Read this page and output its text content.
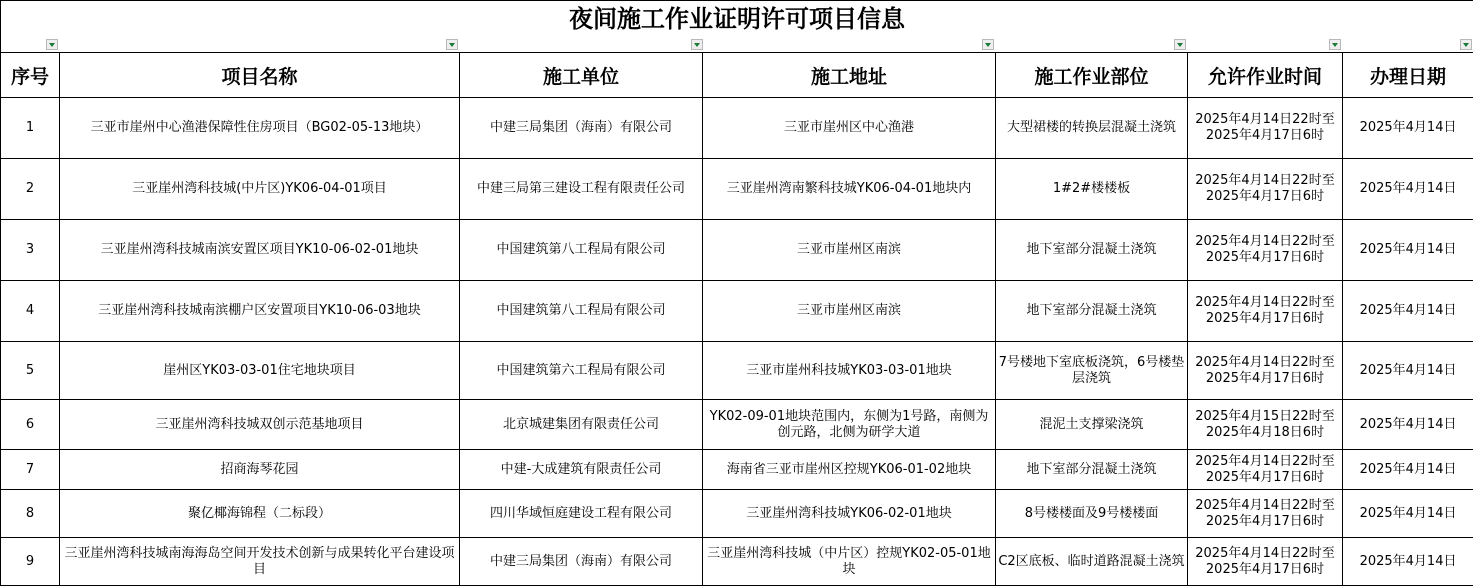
夜间施工作业证明许可项目信息						

序号	项目名称	施工单位	施工地址	施工作业部位	允许作业时间	办理日期
1	三亚市崖州中心渔港保障性住房项目（BG02-05-13地块）	中建三局集团（海南）有限公司	三亚市崖州区中心渔港	大型裙楼的转换层混凝土浇筑	2025年4月14日22时至2025年4月17日6时	2025年4月14日
2	三亚崖州湾科技城(中片区)YK06-04-01项目	中建三局第三建设工程有限责任公司	三亚崖州湾南繁科技城YK06-04-01地块内	1#2#楼楼板	2025年4月14日22时至2025年4月17日6时	2025年4月14日
3	三亚崖州湾科技城南滨安置区项目YK10-06-02-01地块	中国建筑第八工程局有限公司	三亚市崖州区南滨	地下室部分混凝土浇筑	2025年4月14日22时至2025年4月17日6时	2025年4月14日
4	三亚崖州湾科技城南滨棚户区安置项目YK10-06-03地块	中国建筑第八工程局有限公司	三亚市崖州区南滨	地下室部分混凝土浇筑	2025年4月14日22时至2025年4月17日6时	2025年4月14日
5	崖州区YK03-03-01住宅地块项目	中国建筑第六工程局有限公司	三亚市崖州科技城YK03-03-01地块	7号楼地下室底板浇筑，6号楼垫层浇筑	2025年4月14日22时至2025年4月17日6时	2025年4月14日
6	三亚崖州湾科技城双创示范基地项目	北京城建集团有限责任公司	YK02-09-01地块范围内，东侧为1号路，南侧为创元路，北侧为研学大道	混泥土支撑梁浇筑	2025年4月15日22时至2025年4月18日6时	2025年4月14日
7	招商海琴花园	中建-大成建筑有限责任公司	海南省三亚市崖州区控规YK06-01-02地块	地下室部分混凝土浇筑	2025年4月14日22时至2025年4月17日6时	2025年4月14日
8	聚亿椰海锦程（二标段）	四川华域恒庭建设工程有限公司	三亚崖州湾科技城YK06-02-01地块	8号楼楼面及9号楼楼面	2025年4月14日22时至2025年4月17日6时	2025年4月14日
9	三亚崖州湾科技城南海海岛空间开发技术创新与成果转化平台建设项目	中建三局集团（海南）有限公司	三亚崖州湾科技城（中片区）控规YK02-05-01地块	C2区底板、临时道路混凝土浇筑	2025年4月14日22时至2025年4月17日6时	2025年4月14日
